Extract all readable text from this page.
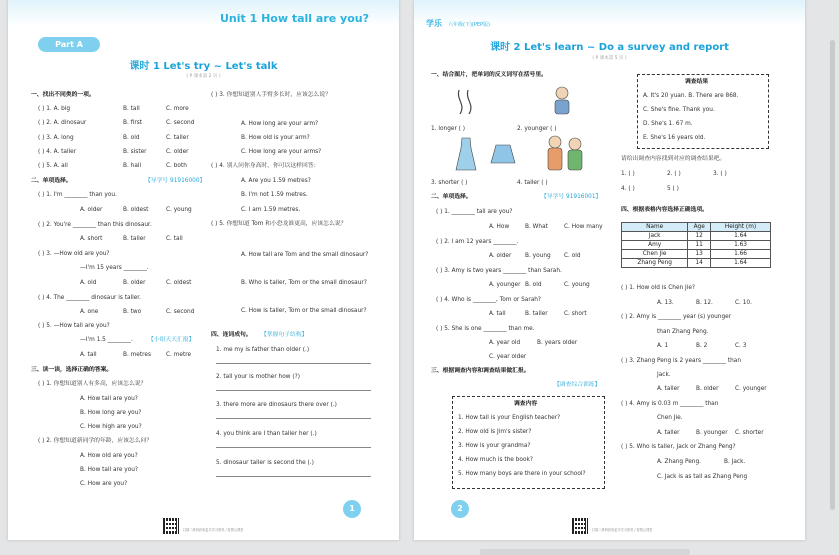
Unit 1 How tall are you?
Part A
课时 1 Let's try ~ Let's talk
( P 课本第 2 页 )
一、找出不同类的一项。
二、单项选择。	【导学号 91916000】
( ) 1. I'm ________ than you.
A. older	B. oldest	C. young
( ) 2. You're ________ than this dinosaur.
A. short	B. taller	C. tall
( ) 3. —How old are you?
—I'm 15 years ________.
A. old	B. older	C. oldest
( ) 4. The ________ dinosaur is taller.
A. one	B. two	C. second
( ) 5. —How tall are you?
【小组天天汇报】
—I'm 1.5 ________.
A. tall	B. metres	C. metre
三、读一读，选择正确的答案。
( ) 1. 你想知道别人有多高，应该怎么说？
A. How tall are you?
B. How long are you?
C. How high are you?
( ) 2. 你想知道新同学的年龄，应该怎么问？
A. How old are you?
B. How tall are you?
C. How are you?
( ) 3. 你想知道别人手臂多长时，应该怎么说？
A. How long are your arm?
B. How old is your arm?
C. How long are your arms?
( ) 4. 别人问你身高时，你可以这样回答：
A. Are you 1.59 metres?
B. I'm not 1.59 metres.
C. I am 1.59 metres.
( ) 5. 你想知道 Tom 和小恐龙谁更高，应该怎么说？
A. How tall are Tom and the small dinosaur?
B. Who is taller, Tom or the small dinosaur?
C. How is taller, Tom or the small dinosaur?
四、连词成句。 【掌握句子结构】
1. me my is father than older (.)
2. tall your is mother how (?)
3. there more are dinosaurs there over (.)
4. you think are I than taller her (.)
5. dinosaur taller is second the (.)
1
扫描二维码获取更多学习资料 / 智慧云课堂
( ) 1. A. big	B. tall	C. more
( ) 2. A. dinosaur	B. first	C. second
( ) 3. A. long	B. old	C. taller
( ) 4. A. taller	B. sister	C. older
( ) 5. A. all	B. hall	C. both
学乐 六年级(下)(PEP版)
课时 2 Let's learn ~ Do a survey and report
( P 课本第 5 页 )
一、结合图片，把单词的反义词写在括号里。
1. longer ( )	2. younger ( )
3. shorter ( )	4. taller ( )
二、单项选择。	【导学号 91916001】
( ) 1. ________ tall are you?
A. How	B. What	C. How many
( ) 2. I am 12 years ________.
A. older B. young C. old
( ) 3. Amy is two years ________ than Sarah.
A. younger B. old	C. young
( ) 4. Who is ________, Tom or Sarah?
A. tall	B. taller	C. short
( ) 5. She is one ________ than me.
A. year old	B. years older
C. year older
三、根据调查内容和调查结果做汇报。
【调查综合训练】
调查内容
1. How tall is your English teacher?
2. How old is Jim's sister?
3. How is your grandma?
4. How much is the book?
5. How many boys are there in your school?
调查结果
A. It's 20 yuan. B. There are 868.
C. She's fine. Thank you.
D. She's 1. 67 m.
E. She's 16 years old.
请给出调查内容找到对应的调查结果吧。
1. ( )	2. ( )	3. ( )
4. ( )	5 ( )
四、根据表格内容选择正确选项。
Name	Age	Height (m)
Jack	12	1.64
Amy	11	1.63
Chen Jie	13	1.66
Zhang Peng	14	1.64
( ) 1. How old is Chen Jie?
A. 13.	B. 12.	C. 10.
( ) 2. Amy is ________ year (s) younger
than Zhang Peng.
A. 1	B. 2	C. 3
( ) 3. Zhang Peng is 2 years ________ than
Jack.
A. taller	B. older	C. younger
( ) 4. Amy is 0.03 m ________ than
Chen Jie.
A. taller	B. younger C. shorter
( ) 5. Who is taller, Jack or Zhang Peng?
A. Zhang Peng.	B. Jack.
C. Jack is as tall as Zhang Peng
2
扫描二维码获取更多学习资料 / 智慧云课堂
